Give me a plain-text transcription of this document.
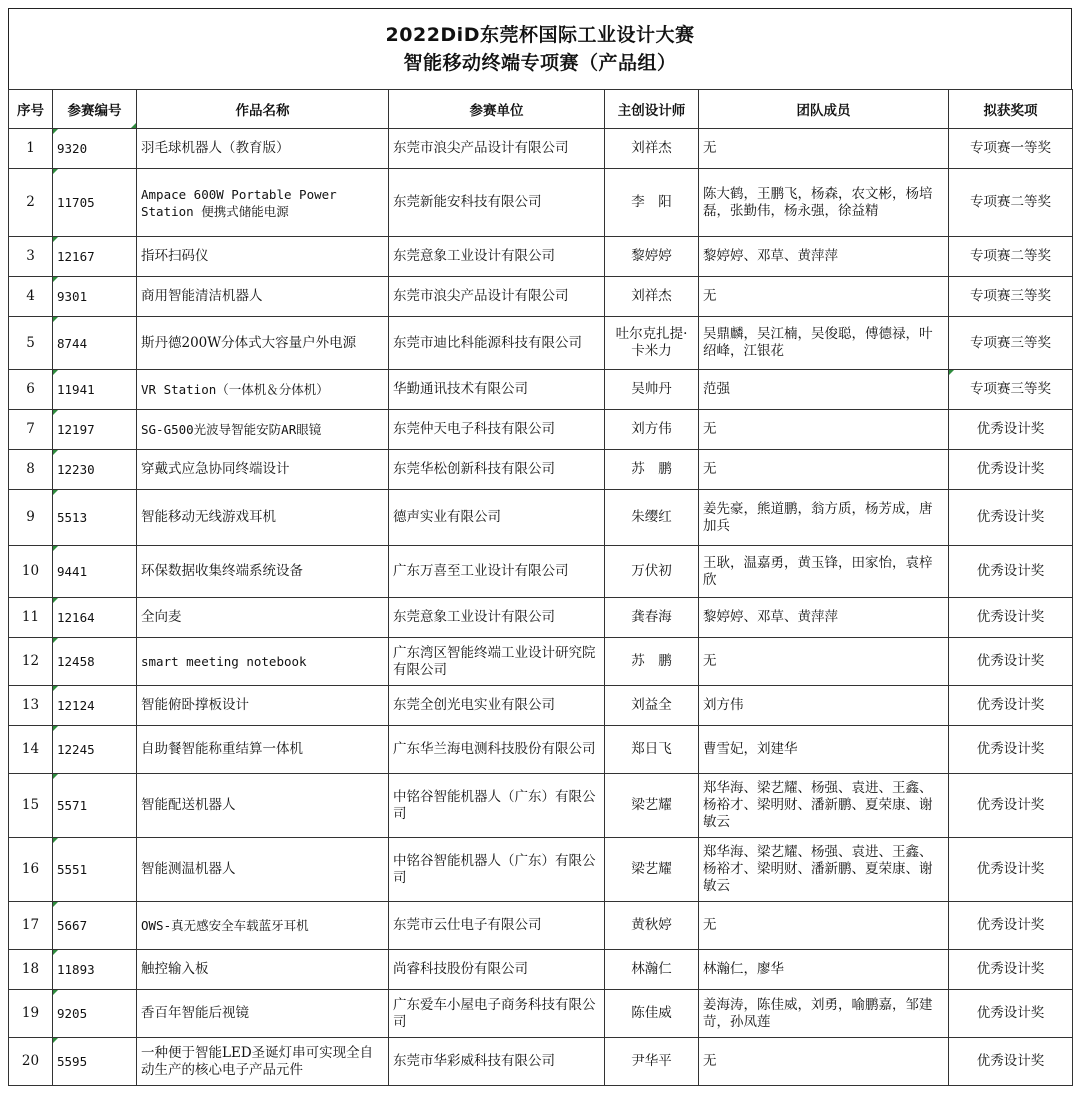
2022DiD东莞杯国际工业设计大赛
智能移动终端专项赛（产品组）
序号	参赛编号	作品名称	参赛单位	主创设计师	团队成员	拟获奖项
1	9320	羽毛球机器人（教育版）	东莞市浪尖产品设计有限公司	刘祥杰	无	专项赛一等奖
2	11705	Ampace 600W Portable Power Station 便携式储能电源	东莞新能安科技有限公司	李　阳	陈大鹤，王鹏飞，杨森，农文彬，杨培磊，张勤伟，杨永强，徐益精	专项赛二等奖
3	12167	指环扫码仪	东莞意象工业设计有限公司	黎婷婷	黎婷婷、邓草、黄萍萍	专项赛二等奖
4	9301	商用智能清洁机器人	东莞市浪尖产品设计有限公司	刘祥杰	无	专项赛三等奖
5	8744	斯丹德200W分体式大容量户外电源	东莞市迪比科能源科技有限公司	吐尔克扎提·卡米力	吴鼎麟，吴江楠，吴俊聪，傅德禄，叶绍峰，江银花	专项赛三等奖
6	11941	VR Station（一体机＆分体机）	华勤通讯技术有限公司	吴帅丹	范强	专项赛三等奖
7	12197	SG-G500光波导智能安防AR眼镜	东莞仲天电子科技有限公司	刘方伟	无	优秀设计奖
8	12230	穿戴式应急协同终端设计	东莞华松创新科技有限公司	苏　鹏	无	优秀设计奖
9	5513	智能移动无线游戏耳机	德声实业有限公司	朱缨红	姜先豪，熊道鹏，翁方质，杨芳成，唐加兵	优秀设计奖
10	9441	环保数据收集终端系统设备	广东万喜至工业设计有限公司	万伏初	王耿，温嘉勇，黄玉锋，田家怡，袁梓欣	优秀设计奖
11	12164	全向麦	东莞意象工业设计有限公司	龚春海	黎婷婷、邓草、黄萍萍	优秀设计奖
12	12458	smart meeting notebook	广东湾区智能终端工业设计研究院有限公司	苏　鹏	无	优秀设计奖
13	12124	智能俯卧撑板设计	东莞全创光电实业有限公司	刘益全	刘方伟	优秀设计奖
14	12245	自助餐智能称重结算一体机	广东华兰海电测科技股份有限公司	郑日飞	曹雪妃，刘建华	优秀设计奖
15	5571	智能配送机器人	中铭谷智能机器人（广东）有限公司	梁艺耀	郑华海、梁艺耀、杨强、袁进、王鑫、杨裕才、梁明财、潘新鹏、夏荣康、谢敏云	优秀设计奖
16	5551	智能测温机器人	中铭谷智能机器人（广东）有限公司	梁艺耀	郑华海、梁艺耀、杨强、袁进、王鑫、杨裕才、梁明财、潘新鹏、夏荣康、谢敏云	优秀设计奖
17	5667	OWS-真无感安全车载蓝牙耳机	东莞市云仕电子有限公司	黄秋婷	无	优秀设计奖
18	11893	触控输入板	尚睿科技股份有限公司	林瀚仁	林瀚仁，廖华	优秀设计奖
19	9205	香百年智能后视镜	广东爱车小屋电子商务科技有限公司	陈佳威	姜海涛，陈佳威，刘勇，喻鹏嘉，邹建苛，孙凤莲	优秀设计奖
20	5595	一种便于智能LED圣诞灯串可实现全自动生产的核心电子产品元件	东莞市华彩威科技有限公司	尹华平	无	优秀设计奖
